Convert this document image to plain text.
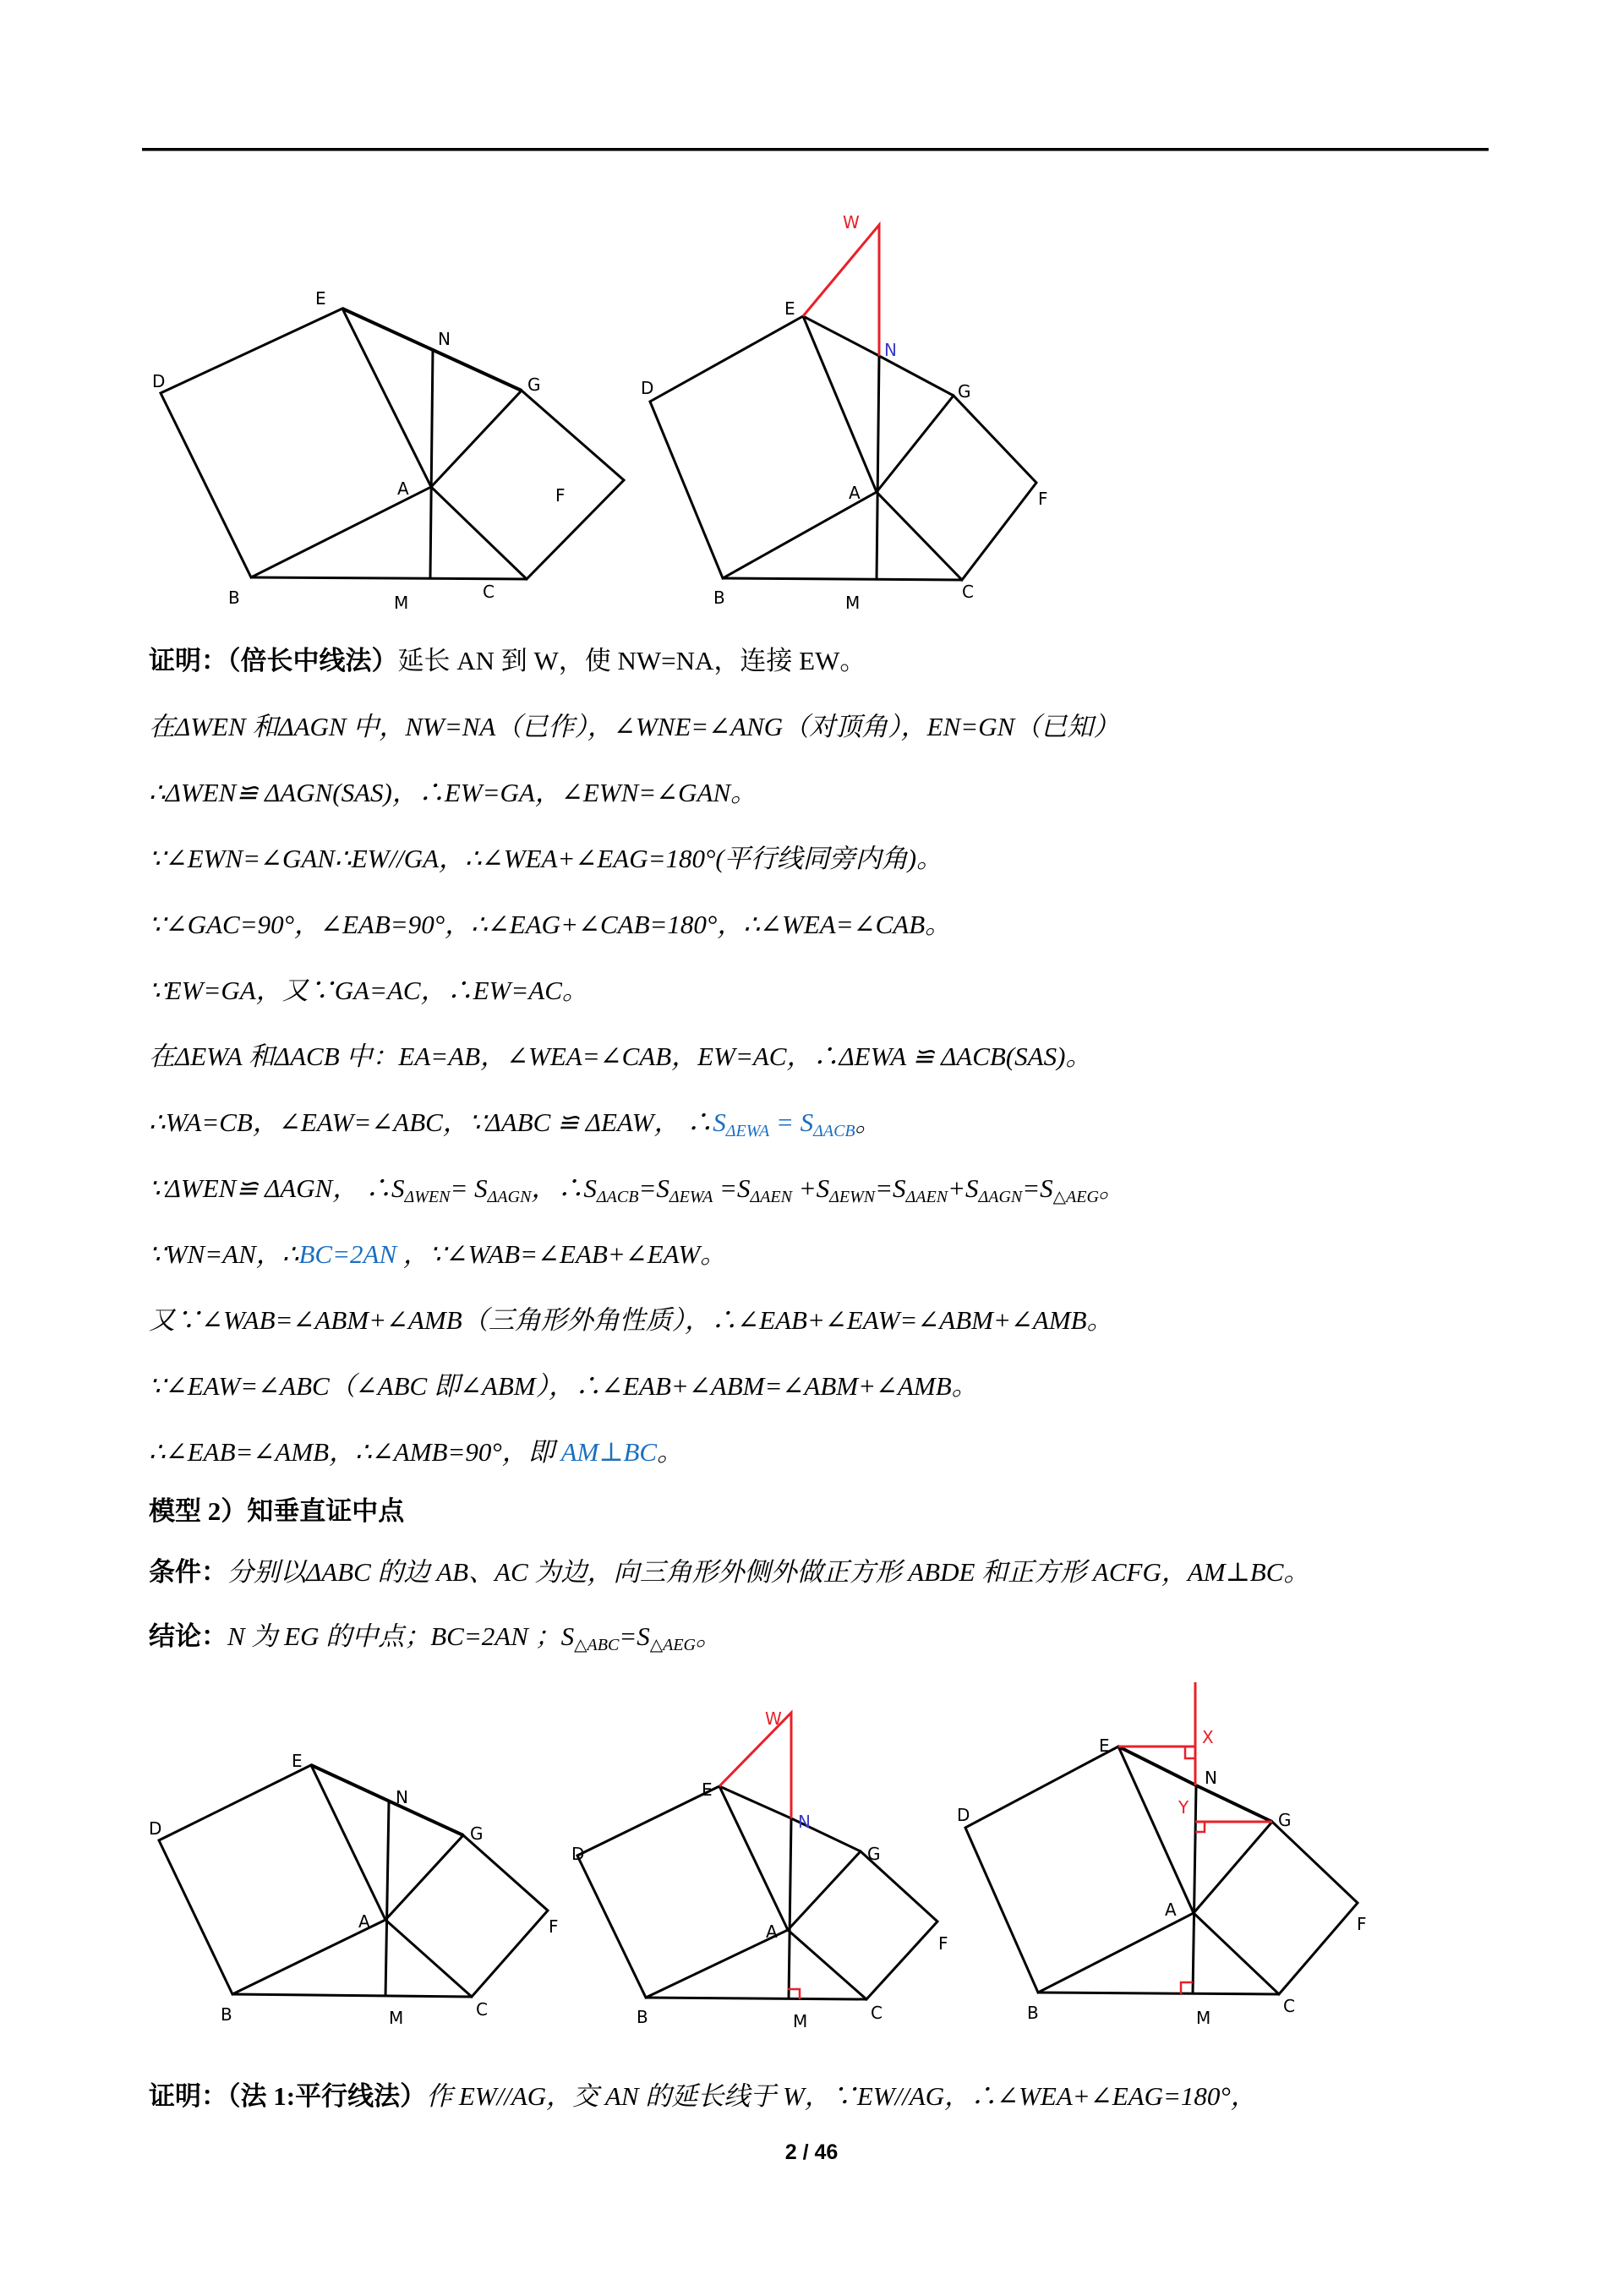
E
N
G
D
A	F
B	M
C
E
N
G
D
A	F
B	M
C
W
证明：（倍长中线法）延长 AN 到 W，使 NW=NA，连接 EW。
在ΔWEN 和ΔAGN 中，NW=NA（已作），∠WNE=∠ANG（对顶角），EN=GN（已知）
∴ΔWEN≌ ΔAGN(SAS)，∴EW=GA，∠EWN=∠GAN。
∵∠EWN=∠GAN∴EW//GA，∴∠WEA+∠EAG=180°(平行线同旁内角)。
∵∠GAC=90°，∠EAB=90°，∴∠EAG+∠CAB=180°，∴∠WEA=∠CAB。
∵EW=GA，又∵GA=AC，∴EW=AC。
在ΔEWA 和ΔACB 中：EA=AB，∠WEA=∠CAB，EW=AC，∴ΔEWA ≌ ΔACB(SAS)。
∴WA=CB，∠EAW=∠ABC，∵ΔABC ≌ ΔEAW， $\therefore S_{\Delta EWA} = S_{\Delta ACB}$。
∵ΔWEN≌ ΔAGN， $\therefore S_{\Delta WEN}= S_{\Delta AGN}$，$\therefore S_{\Delta ACB}=S_{\Delta EWA} =S_{\Delta AEN} +S_{\Delta EWN}=S_{\Delta AEN}+S_{\Delta AGN}=S_{\triangle AEG}$。
∵WN=AN，∴BC=2AN ，∵∠WAB=∠EAB+∠EAW。
又∵∠WAB=∠ABM+∠AMB（三角形外角性质），∴∠EAB+∠EAW=∠ABM+∠AMB。
∵∠EAW=∠ABC（∠ABC 即∠ABM），∴∠EAB+∠ABM=∠ABM+∠AMB。
∴∠EAB=∠AMB，∴∠AMB=90°，即 AM⊥BC。
模型 2）知垂直证中点
条件：分别以ΔABC 的边 AB、AC 为边，向三角形外侧外做正方形 ABDE 和正方形 ACFG，AM⊥BC。
结论：N 为 EG 的中点；BC=2AN ；$S_{\triangle ABC}=S_{\triangle AEG}$。
E
N
G
D
A	F
B	M	C
E
N
G
D
A
F
B	M	C
W
E
N
G
D
A
F
B	M
C
X
Y
证明：（法 1:平行线法）作 EW//AG，交 AN 的延长线于 W，∵EW//AG，∴∠WEA+∠EAG=180°，
2 / 46
